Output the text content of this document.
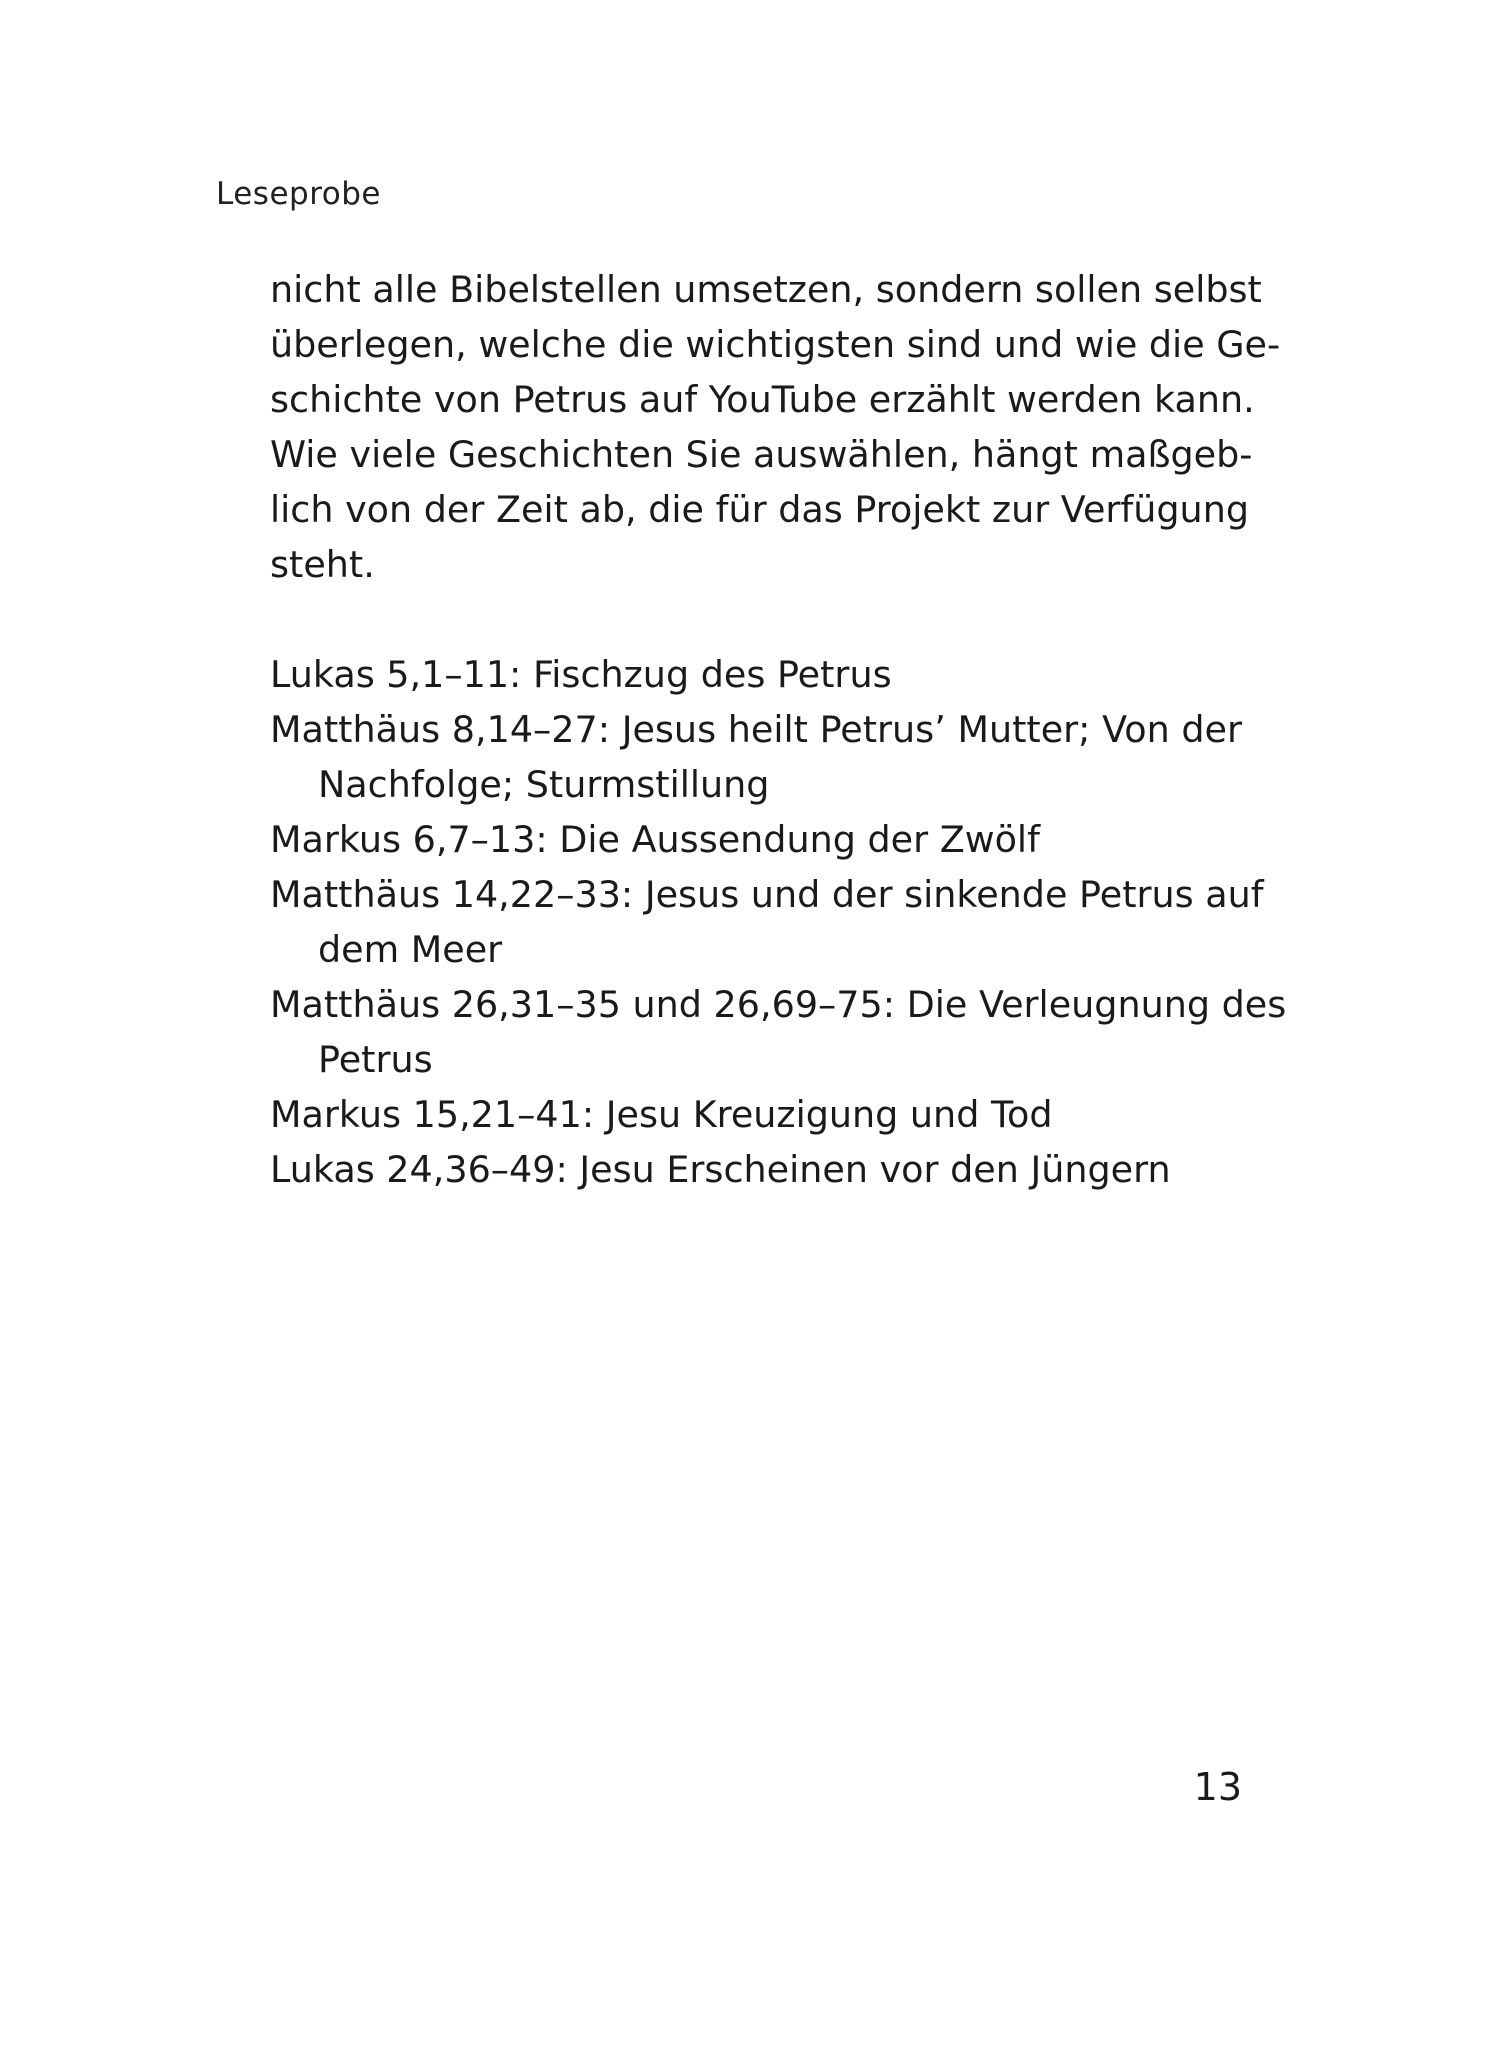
Leseprobe
nicht alle Bibelstellen umsetzen, sondern sollen selbst
überlegen, welche die wichtigsten sind und wie die Ge-
schichte von Petrus auf YouTube erzählt werden kann.
Wie viele Geschichten Sie auswählen, hängt maßgeb-
lich von der Zeit ab, die für das Projekt zur Verfügung
steht.
Lukas 5,1–11: Fischzug des Petrus
Matthäus 8,14–27: Jesus heilt Petrus’ Mutter; Von der
Nachfolge; Sturmstillung
Markus 6,7–13: Die Aussendung der Zwölf
Matthäus 14,22–33: Jesus und der sinkende Petrus auf
dem Meer
Matthäus 26,31–35 und 26,69–75: Die Verleugnung des
Petrus
Markus 15,21–41: Jesu Kreuzigung und Tod
Lukas 24,36–49: Jesu Erscheinen vor den Jüngern
13
